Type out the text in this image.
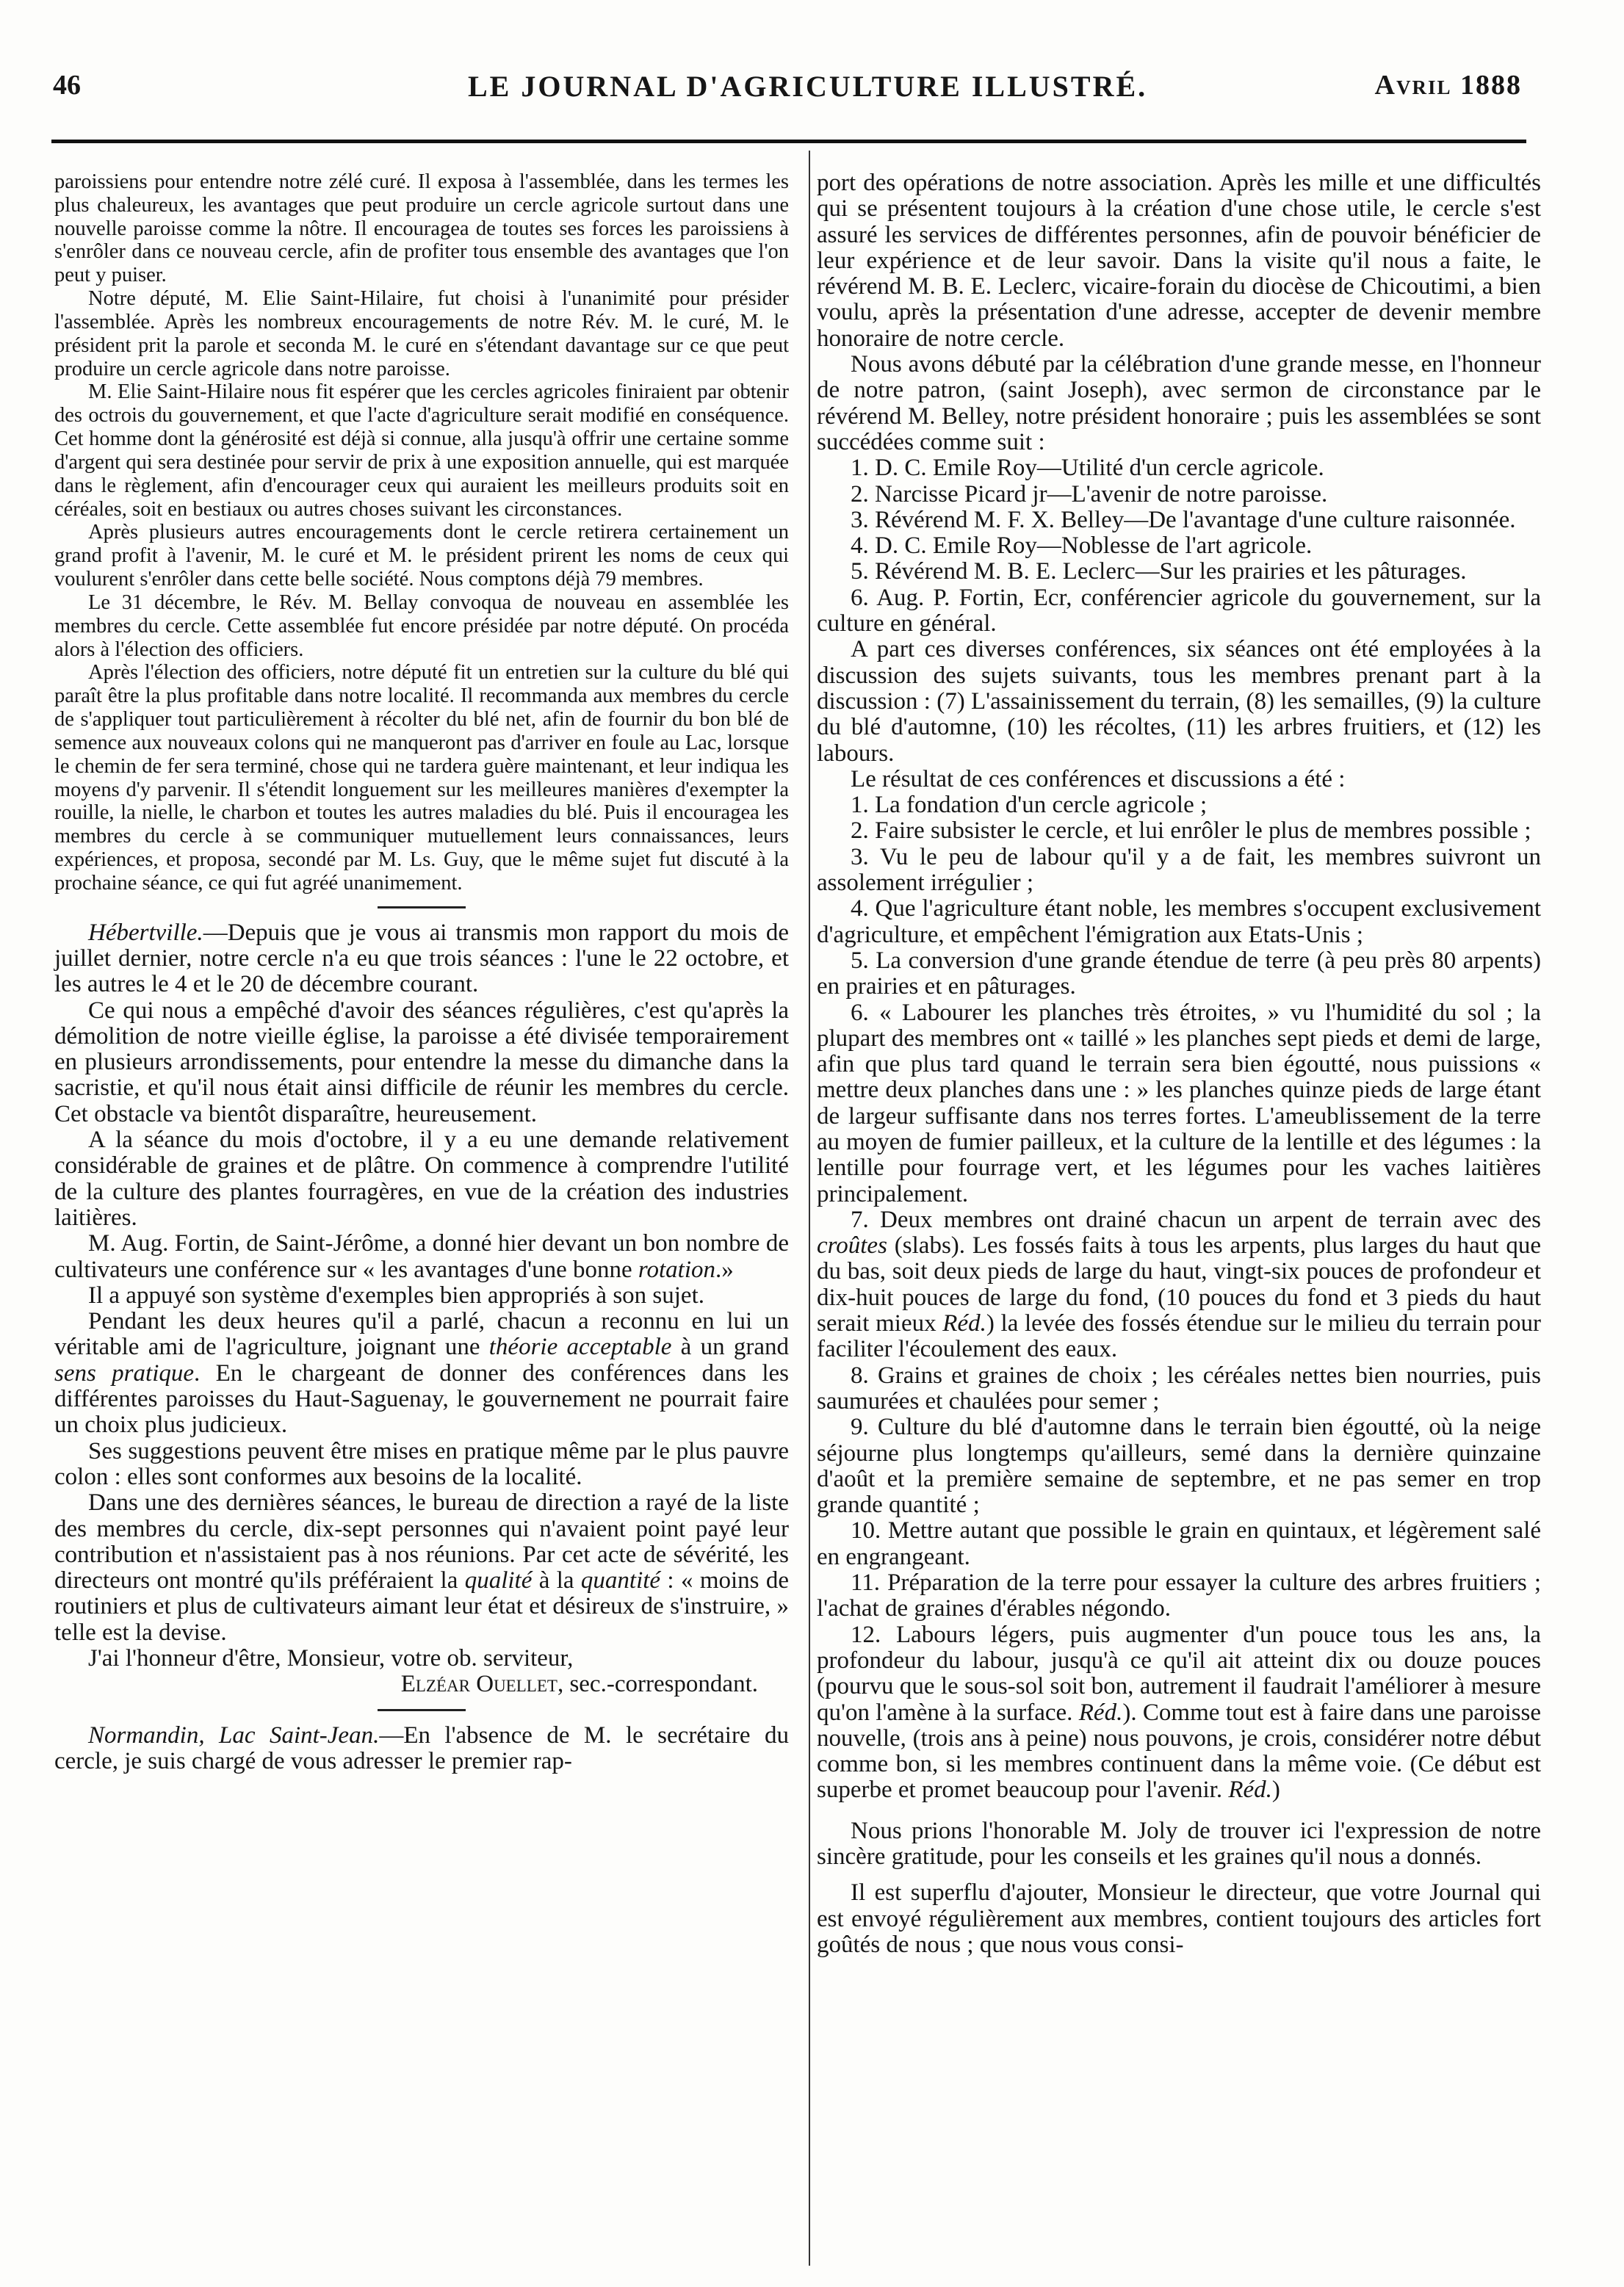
46	LE JOURNAL D'AGRICULTURE ILLUSTRÉ.	Avril 1888

paroissiens pour entendre notre zélé curé. Il exposa à l'assemblée, dans les termes les plus chaleureux, les avantages que peut produire un cercle agricole surtout dans une nouvelle paroisse comme la nôtre. Il encouragea de toutes ses forces les paroissiens à s'enrôler dans ce nouveau cercle, afin de profiter tous ensemble des avantages que l'on peut y puiser.

Notre député, M. Elie Saint-Hilaire, fut choisi à l'unanimité pour présider l'assemblée. Après les nombreux encouragements de notre Rév. M. le curé, M. le président prit la parole et seconda M. le curé en s'étendant davantage sur ce que peut produire un cercle agricole dans notre paroisse.

M. Elie Saint-Hilaire nous fit espérer que les cercles agricoles finiraient par obtenir des octrois du gouvernement, et que l'acte d'agriculture serait modifié en conséquence. Cet homme dont la générosité est déjà si connue, alla jusqu'à offrir une certaine somme d'argent qui sera destinée pour servir de prix à une exposition annuelle, qui est marquée dans le règlement, afin d'encourager ceux qui auraient les meilleurs produits soit en céréales, soit en bestiaux ou autres choses suivant les circonstances.

Après plusieurs autres encouragements dont le cercle retirera certainement un grand profit à l'avenir, M. le curé et M. le président prirent les noms de ceux qui voulurent s'enrôler dans cette belle société. Nous comptons déjà 79 membres.

Le 31 décembre, le Rév. M. Bellay convoqua de nouveau en assemblée les membres du cercle. Cette assemblée fut encore présidée par notre député. On procéda alors à l'élection des officiers.

Après l'élection des officiers, notre député fit un entretien sur la culture du blé qui paraît être la plus profitable dans notre localité. Il recommanda aux membres du cercle de s'appliquer tout particulièrement à récolter du blé net, afin de fournir du bon blé de semence aux nouveaux colons qui ne manqueront pas d'arriver en foule au Lac, lorsque le chemin de fer sera terminé, chose qui ne tardera guère maintenant, et leur indiqua les moyens d'y parvenir. Il s'étendit longuement sur les meilleures manières d'exempter la rouille, la nielle, le charbon et toutes les autres maladies du blé. Puis il encouragea les membres du cercle à se communiquer mutuellement leurs connaissances, leurs expériences, et proposa, secondé par M. Ls. Guy, que le même sujet fut discuté à la prochaine séance, ce qui fut agréé unanimement.

Hébertville.—Depuis que je vous ai transmis mon rapport du mois de juillet dernier, notre cercle n'a eu que trois séances : l'une le 22 octobre, et les autres le 4 et le 20 de décembre courant.

Ce qui nous a empêché d'avoir des séances régulières, c'est qu'après la démolition de notre vieille église, la paroisse a été divisée temporairement en plusieurs arrondissements, pour entendre la messe du dimanche dans la sacristie, et qu'il nous était ainsi difficile de réunir les membres du cercle. Cet obstacle va bientôt disparaître, heureusement.

A la séance du mois d'octobre, il y a eu une demande relativement considérable de graines et de plâtre. On commence à comprendre l'utilité de la culture des plantes fourragères, en vue de la création des industries laitières.

M. Aug. Fortin, de Saint-Jérôme, a donné hier devant un bon nombre de cultivateurs une conférence sur « les avantages d'une bonne rotation.»

Il a appuyé son système d'exemples bien appropriés à son sujet.

Pendant les deux heures qu'il a parlé, chacun a reconnu en lui un véritable ami de l'agriculture, joignant une théorie acceptable à un grand sens pratique. En le chargeant de donner des conférences dans les différentes paroisses du Haut-Saguenay, le gouvernement ne pourrait faire un choix plus judicieux.

Ses suggestions peuvent être mises en pratique même par le plus pauvre colon : elles sont conformes aux besoins de la localité.

Dans une des dernières séances, le bureau de direction a rayé de la liste des membres du cercle, dix-sept personnes qui n'avaient point payé leur contribution et n'assistaient pas à nos réunions. Par cet acte de sévérité, les directeurs ont montré qu'ils préféraient la qualité à la quantité : « moins de routiniers et plus de cultivateurs aimant leur état et désireux de s'instruire, » telle est la devise.

J'ai l'honneur d'être, Monsieur, votre ob. serviteur,

Elzéar Ouellet, sec.-correspondant.

Normandin, Lac Saint-Jean.—En l'absence de M. le secrétaire du cercle, je suis chargé de vous adresser le premier rap-

port des opérations de notre association. Après les mille et une difficultés qui se présentent toujours à la création d'une chose utile, le cercle s'est assuré les services de différentes personnes, afin de pouvoir bénéficier de leur expérience et de leur savoir. Dans la visite qu'il nous a faite, le révérend M. B. E. Leclerc, vicaire-forain du diocèse de Chicoutimi, a bien voulu, après la présentation d'une adresse, accepter de devenir membre honoraire de notre cercle.

Nous avons débuté par la célébration d'une grande messe, en l'honneur de notre patron, (saint Joseph), avec sermon de circonstance par le révérend M. Belley, notre président honoraire ; puis les assemblées se sont succédées comme suit :

1. D. C. Emile Roy—Utilité d'un cercle agricole.

2. Narcisse Picard jr—L'avenir de notre paroisse.

3. Révérend M. F. X. Belley—De l'avantage d'une culture raisonnée.

4. D. C. Emile Roy—Noblesse de l'art agricole.

5. Révérend M. B. E. Leclerc—Sur les prairies et les pâturages.

6. Aug. P. Fortin, Ecr, conférencier agricole du gouvernement, sur la culture en général.

A part ces diverses conférences, six séances ont été employées à la discussion des sujets suivants, tous les membres prenant part à la discussion : (7) L'assainissement du terrain, (8) les semailles, (9) la culture du blé d'automne, (10) les récoltes, (11) les arbres fruitiers, et (12) les labours.

Le résultat de ces conférences et discussions a été :

1. La fondation d'un cercle agricole ;

2. Faire subsister le cercle, et lui enrôler le plus de membres possible ;

3. Vu le peu de labour qu'il y a de fait, les membres suivront un assolement irrégulier ;

4. Que l'agriculture étant noble, les membres s'occupent exclusivement d'agriculture, et empêchent l'émigration aux Etats-Unis ;

5. La conversion d'une grande étendue de terre (à peu près 80 arpents) en prairies et en pâturages.

6. « Labourer les planches très étroites, » vu l'humidité du sol ; la plupart des membres ont « taillé » les planches sept pieds et demi de large, afin que plus tard quand le terrain sera bien égoutté, nous puissions « mettre deux planches dans une : » les planches quinze pieds de large étant de largeur suffisante dans nos terres fortes. L'ameublissement de la terre au moyen de fumier pailleux, et la culture de la lentille et des légumes : la lentille pour fourrage vert, et les légumes pour les vaches laitières principalement.

7. Deux membres ont drainé chacun un arpent de terrain avec des croûtes (slabs). Les fossés faits à tous les arpents, plus larges du haut que du bas, soit deux pieds de large du haut, vingt-six pouces de profondeur et dix-huit pouces de large du fond, (10 pouces du fond et 3 pieds du haut serait mieux Réd.) la levée des fossés étendue sur le milieu du terrain pour faciliter l'écoulement des eaux.

8. Grains et graines de choix ; les céréales nettes bien nourries, puis saumurées et chaulées pour semer ;

9. Culture du blé d'automne dans le terrain bien égoutté, où la neige séjourne plus longtemps qu'ailleurs, semé dans la dernière quinzaine d'août et la première semaine de septembre, et ne pas semer en trop grande quantité ;

10. Mettre autant que possible le grain en quintaux, et légèrement salé en engrangeant.

11. Préparation de la terre pour essayer la culture des arbres fruitiers ; l'achat de graines d'érables négondo.

12. Labours légers, puis augmenter d'un pouce tous les ans, la profondeur du labour, jusqu'à ce qu'il ait atteint dix ou douze pouces (pourvu que le sous-sol soit bon, autrement il faudrait l'améliorer à mesure qu'on l'amène à la surface. Réd.). Comme tout est à faire dans une paroisse nouvelle, (trois ans à peine) nous pouvons, je crois, considérer notre début comme bon, si les membres continuent dans la même voie. (Ce début est superbe et promet beaucoup pour l'avenir. Réd.)

Nous prions l'honorable M. Joly de trouver ici l'expression de notre sincère gratitude, pour les conseils et les graines qu'il nous a donnés.

Il est superflu d'ajouter, Monsieur le directeur, que votre Journal qui est envoyé régulièrement aux membres, contient toujours des articles fort goûtés de nous ; que nous vous consi-
